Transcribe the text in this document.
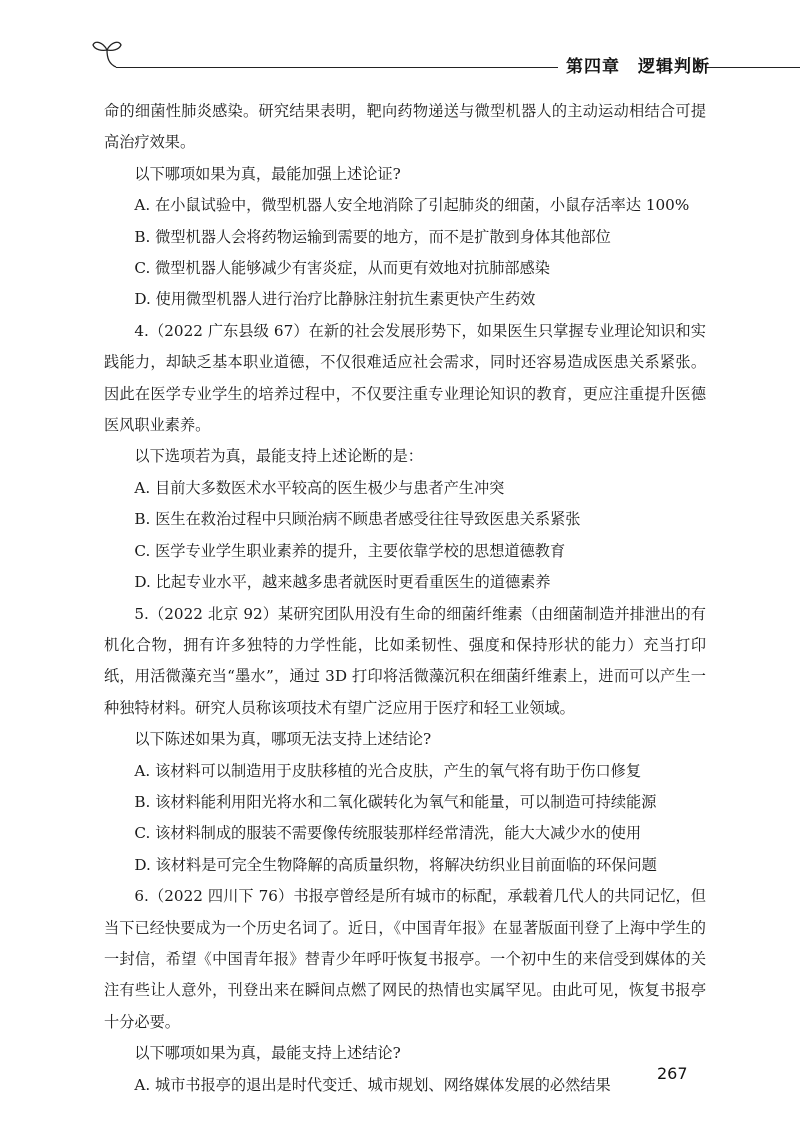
第四章 逻辑判断

命的细菌性肺炎感染。研究结果表明，靶向药物递送与微型机器人的主动运动相结合可提高治疗效果。

以下哪项如果为真，最能加强上述论证?

A. 在小鼠试验中，微型机器人安全地消除了引起肺炎的细菌，小鼠存活率达 100%

B. 微型机器人会将药物运输到需要的地方，而不是扩散到身体其他部位

C. 微型机器人能够减少有害炎症，从而更有效地对抗肺部感染

D. 使用微型机器人进行治疗比静脉注射抗生素更快产生药效

4.（2022 广东县级 67）在新的社会发展形势下，如果医生只掌握专业理论知识和实践能力，却缺乏基本职业道德，不仅很难适应社会需求，同时还容易造成医患关系紧张。因此在医学专业学生的培养过程中，不仅要注重专业理论知识的教育，更应注重提升医德医风职业素养。

以下选项若为真，最能支持上述论断的是：

A. 目前大多数医术水平较高的医生极少与患者产生冲突

B. 医生在救治过程中只顾治病不顾患者感受往往导致医患关系紧张

C. 医学专业学生职业素养的提升，主要依靠学校的思想道德教育

D. 比起专业水平，越来越多患者就医时更看重医生的道德素养

5.（2022 北京 92）某研究团队用没有生命的细菌纤维素（由细菌制造并排泄出的有机化合物，拥有许多独特的力学性能，比如柔韧性、强度和保持形状的能力）充当打印纸，用活微藻充当“墨水”，通过 3D 打印将活微藻沉积在细菌纤维素上，进而可以产生一种独特材料。研究人员称该项技术有望广泛应用于医疗和轻工业领域。

以下陈述如果为真，哪项无法支持上述结论?

A. 该材料可以制造用于皮肤移植的光合皮肤，产生的氧气将有助于伤口修复

B. 该材料能利用阳光将水和二氧化碳转化为氧气和能量，可以制造可持续能源

C. 该材料制成的服装不需要像传统服装那样经常清洗，能大大减少水的使用

D. 该材料是可完全生物降解的高质量织物，将解决纺织业目前面临的环保问题

6.（2022 四川下 76）书报亭曾经是所有城市的标配，承载着几代人的共同记忆，但当下已经快要成为一个历史名词了。近日，《中国青年报》在显著版面刊登了上海中学生的一封信，希望《中国青年报》替青少年呼吁恢复书报亭。一个初中生的来信受到媒体的关注有些让人意外，刊登出来在瞬间点燃了网民的热情也实属罕见。由此可见，恢复书报亭十分必要。

以下哪项如果为真，最能支持上述结论?

A. 城市书报亭的退出是时代变迁、城市规划、网络媒体发展的必然结果

267
